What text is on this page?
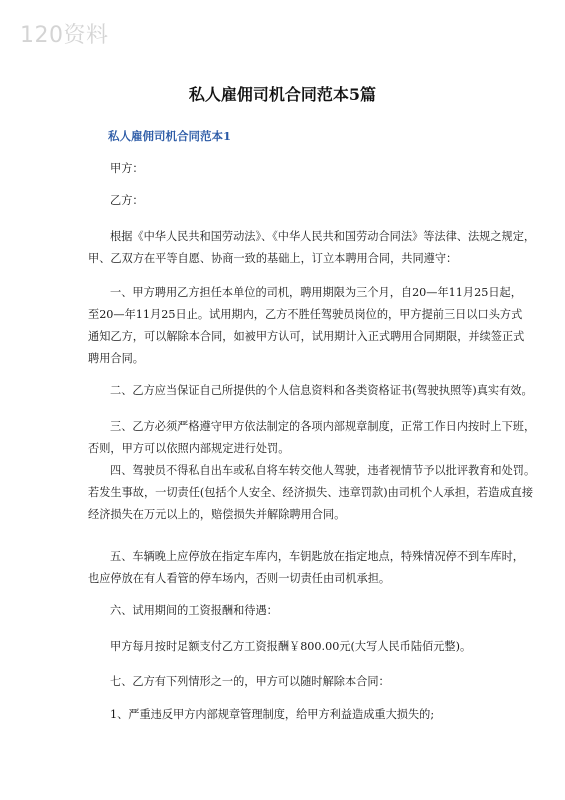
120资料
私人雇佣司机合同范本5篇
私人雇佣司机合同范本1
甲方：
乙方：
根据《中华人民共和国劳动法》、《中华人民共和国劳动合同法》等法律、法规之规定，
甲、乙双方在平等自愿、协商一致的基础上，订立本聘用合同，共同遵守：
一、甲方聘用乙方担任本单位的司机，聘用期限为三个月，自20—年11月25日起，
至20—年11月25日止。试用期内，乙方不胜任驾驶员岗位的，甲方提前三日以口头方式
通知乙方，可以解除本合同，如被甲方认可，试用期计入正式聘用合同期限，并续签正式
聘用合同。
二、乙方应当保证自己所提供的个人信息资料和各类资格证书(驾驶执照等)真实有效。
三、乙方必须严格遵守甲方依法制定的各项内部规章制度，正常工作日内按时上下班，
否则，甲方可以依照内部规定进行处罚。
四、驾驶员不得私自出车或私自将车转交他人驾驶，违者视情节予以批评教育和处罚。
若发生事故，一切责任(包括个人安全、经济损失、违章罚款)由司机个人承担，若造成直接
经济损失在万元以上的，赔偿损失并解除聘用合同。
五、车辆晚上应停放在指定车库内，车钥匙放在指定地点，特殊情况停不到车库时，
也应停放在有人看管的停车场内，否则一切责任由司机承担。
六、试用期间的工资报酬和待遇：
甲方每月按时足额支付乙方工资报酬￥800.00元(大写人民币陆佰元整)。
七、乙方有下列情形之一的，甲方可以随时解除本合同：
1、严重违反甲方内部规章管理制度，给甲方利益造成重大损失的;
